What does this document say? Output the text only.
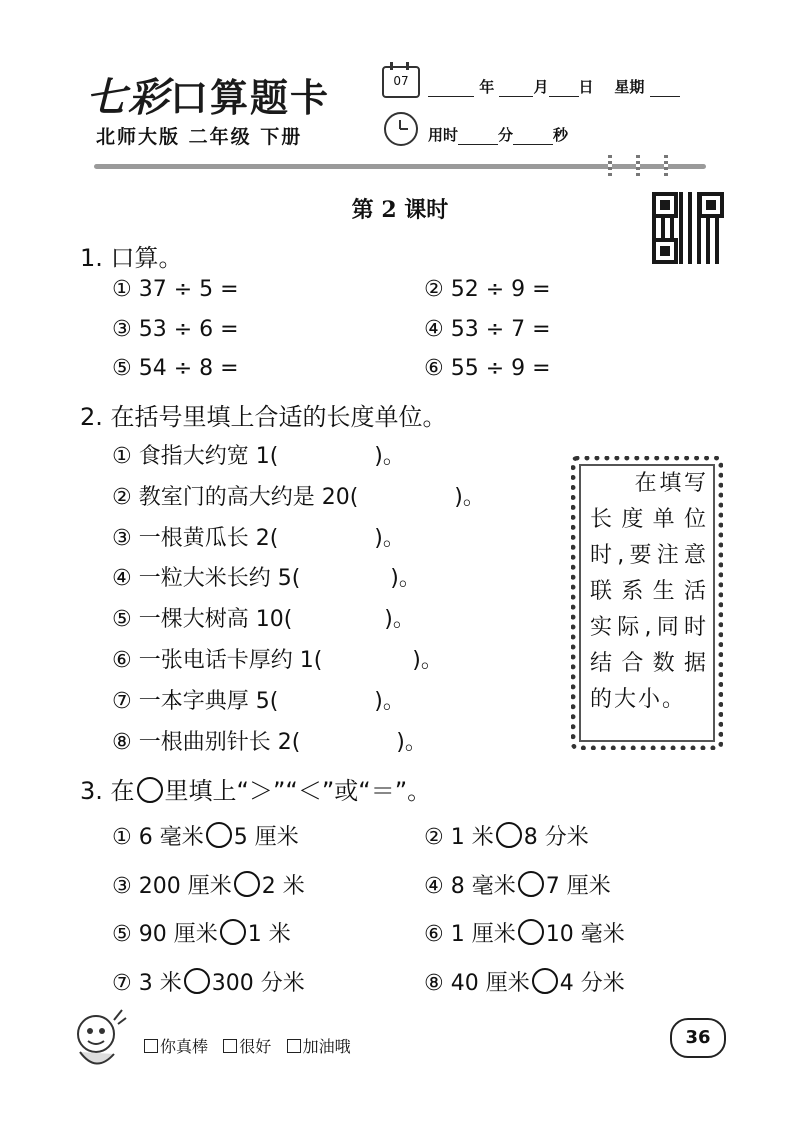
七彩口算题卡
北师大版 二年级 下册
07	年	月 日 星期
用时	分	秒
第 2 课时
1. 口算。
① 37 ÷ 5 =	② 52 ÷ 9 =
③ 53 ÷ 6 =	④ 53 ÷ 7 =
⑤ 54 ÷ 8 =	⑥ 55 ÷ 9 =
2. 在括号里填上合适的长度单位。
① 食指大约宽 1(	)。
② 教室门的高大约是 20(	)。
③ 一根黄瓜长 2(	)。
④ 一粒大米长约 5(	)。
⑤ 一棵大树高 10(	)。
⑥ 一张电话卡厚约 1(	)。
⑦ 一本字典厚 5(	)。
⑧ 一根曲别针长 2(	)。
在填写长度单位时,要注意联系生活实际,同时结合数据的大小。
3. 在 里填上“＞”“＜”或“＝”。
① 6 毫米 5 厘米	② 1 米 8 分米
③ 200 厘米 2 米	④ 8 毫米 7 厘米
⑤ 90 厘米 1 米	⑥ 1 厘米 10 毫米
⑦ 3 米 300 分米	⑧ 40 厘米 4 分米
你真棒 很好 加油哦	36
